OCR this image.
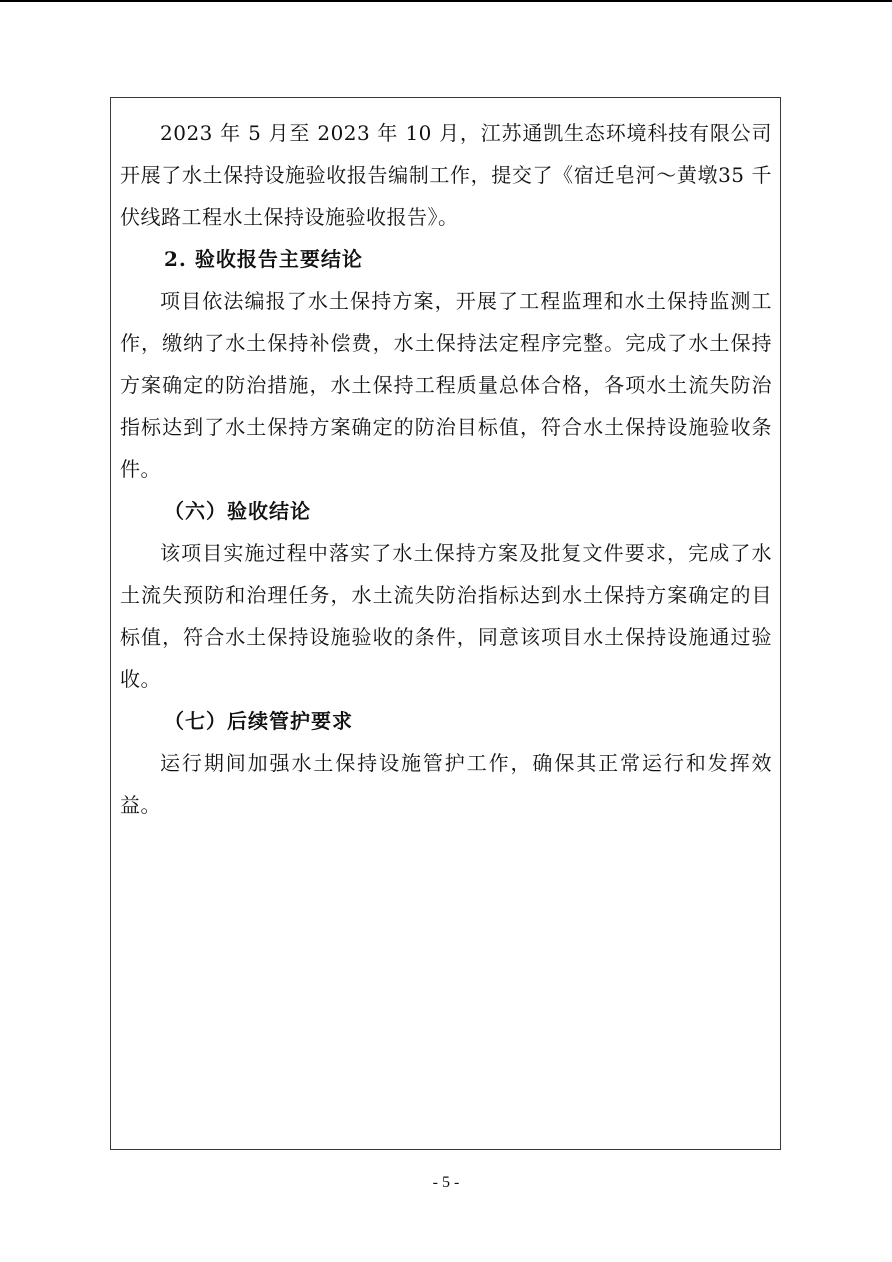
2023 年 5 月至 2023 年 10 月，江苏通凯生态环境科技有限公司开展了水土保持设施验收报告编制工作，提交了《宿迁皂河～黄墩35 千伏线路工程水土保持设施验收报告》。

2. 验收报告主要结论

项目依法编报了水土保持方案，开展了工程监理和水土保持监测工作，缴纳了水土保持补偿费，水土保持法定程序完整。完成了水土保持方案确定的防治措施，水土保持工程质量总体合格，各项水土流失防治指标达到了水土保持方案确定的防治目标值，符合水土保持设施验收条件。

（六）验收结论

该项目实施过程中落实了水土保持方案及批复文件要求，完成了水土流失预防和治理任务，水土流失防治指标达到水土保持方案确定的目标值，符合水土保持设施验收的条件，同意该项目水土保持设施通过验收。

（七）后续管护要求

运行期间加强水土保持设施管护工作，确保其正常运行和发挥效益。

- 5 -
